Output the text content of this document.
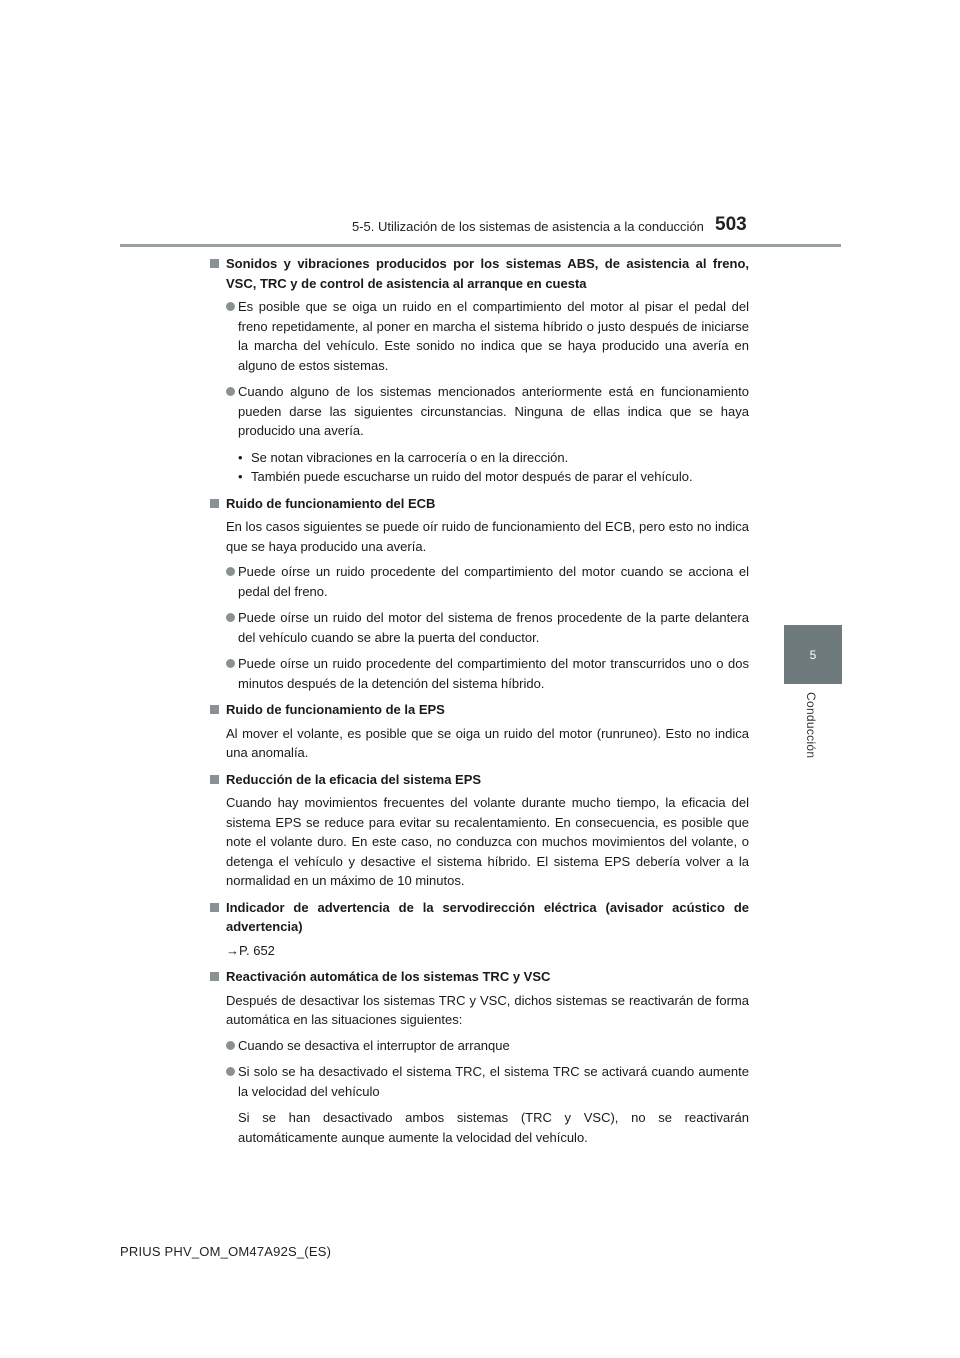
5-5. Utilización de los sistemas de asistencia a la conducción 503
5
Conducción
Sonidos y vibraciones producidos por los sistemas ABS, de asistencia al freno, VSC, TRC y de control de asistencia al arranque en cuesta
Es posible que se oiga un ruido en el compartimiento del motor al pisar el pedal del freno repetidamente, al poner en marcha el sistema híbrido o justo después de iniciarse la marcha del vehículo. Este sonido no indica que se haya producido una avería en alguno de estos sistemas.
Cuando alguno de los sistemas mencionados anteriormente está en funcionamiento pueden darse las siguientes circunstancias. Ninguna de ellas indica que se haya producido una avería.
• Se notan vibraciones en la carrocería o en la dirección.
• También puede escucharse un ruido del motor después de parar el vehículo.
Ruido de funcionamiento del ECB
En los casos siguientes se puede oír ruido de funcionamiento del ECB, pero esto no indica que se haya producido una avería.
Puede oírse un ruido procedente del compartimiento del motor cuando se acciona el pedal del freno.
Puede oírse un ruido del motor del sistema de frenos procedente de la parte delantera del vehículo cuando se abre la puerta del conductor.
Puede oírse un ruido procedente del compartimiento del motor transcurridos uno o dos minutos después de la detención del sistema híbrido.
Ruido de funcionamiento de la EPS
Al mover el volante, es posible que se oiga un ruido del motor (runruneo). Esto no indica una anomalía.
Reducción de la eficacia del sistema EPS
Cuando hay movimientos frecuentes del volante durante mucho tiempo, la eficacia del sistema EPS se reduce para evitar su recalentamiento. En consecuencia, es posible que note el volante duro. En este caso, no conduzca con muchos movimientos del volante, o detenga el vehículo y desactive el sistema híbrido. El sistema EPS debería volver a la normalidad en un máximo de 10 minutos.
Indicador de advertencia de la servodirección eléctrica (avisador acústico de advertencia)
→P. 652
Reactivación automática de los sistemas TRC y VSC
Después de desactivar los sistemas TRC y VSC, dichos sistemas se reactivarán de forma automática en las situaciones siguientes:
Cuando se desactiva el interruptor de arranque
Si solo se ha desactivado el sistema TRC, el sistema TRC se activará cuando aumente la velocidad del vehículo
Si se han desactivado ambos sistemas (TRC y VSC), no se reactivarán automáticamente aunque aumente la velocidad del vehículo.
PRIUS PHV_OM_OM47A92S_(ES)
